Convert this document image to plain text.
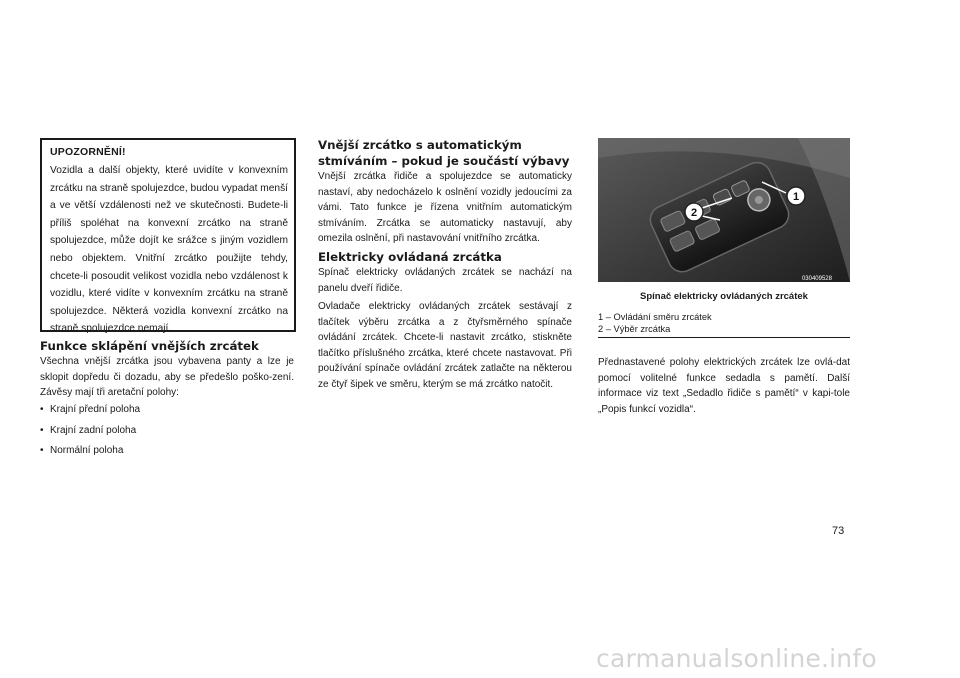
UPOZORNĚNÍ!

Vozidla a další objekty, které uvidíte v konvexním zrcátku na straně spolujezdce, budou vypadat menší a ve větší vzdálenosti než ve skutečnosti. Budete-li příliš spoléhat na konvexní zrcátko na straně spolujezdce, může dojít ke srážce s jiným vozidlem nebo objektem. Vnitřní zrcátko použijte tehdy, chcete-li posoudit velikost vozidla nebo vzdálenost k vozidlu, které vidíte v konvexním zrcátku na straně spolujezdce. Některá vozidla konvexní zrcátko na straně spolujezdce nemají.

Funkce sklápění vnějších zrcátek

Všechna vnější zrcátka jsou vybavena panty a lze je sklopit dopředu či dozadu, aby se předešlo poško-zení. Závěsy mají tři aretační polohy:

• Krajní přední poloha

• Krajní zadní poloha

• Normální poloha

Vnější zrcátko s automatickým
stmíváním – pokud je součástí výbavy

Vnější zrcátka řidiče a spolujezdce se automaticky nastaví, aby nedocházelo k oslnění vozidly jedoucími za vámi. Tato funkce je řízena vnitřním automatickým stmíváním. Zrcátka se automaticky nastavují, aby omezila oslnění, při nastavování vnitřního zrcátka.

Elektricky ovládaná zrcátka

Spínač elektricky ovládaných zrcátek se nachází na panelu dveří řidiče.

Ovladače elektricky ovládaných zrcátek sestávají z tlačítek výběru zrcátka a z čtyřsměrného spínače ovládání zrcátek. Chcete-li nastavit zrcátko, stiskněte tlačítko příslušného zrcátka, které chcete nastavovat. Při používání spínače ovládání zrcátek zatlačte na některou ze čtyř šipek ve směru, kterým se má zrcátko natočit.

030409528
1
2
Spínač elektricky ovládaných zrcátek
1 – Ovládání směru zrcátek
2 – Výběr zrcátka

Přednastavené polohy elektrických zrcátek lze ovlá-dat pomocí volitelné funkce sedadla s pamětí. Další informace viz text „Sedadlo řidiče s pamětí“ v kapi-tole „Popis funkcí vozidla“.

73
carmanualsonline.info
